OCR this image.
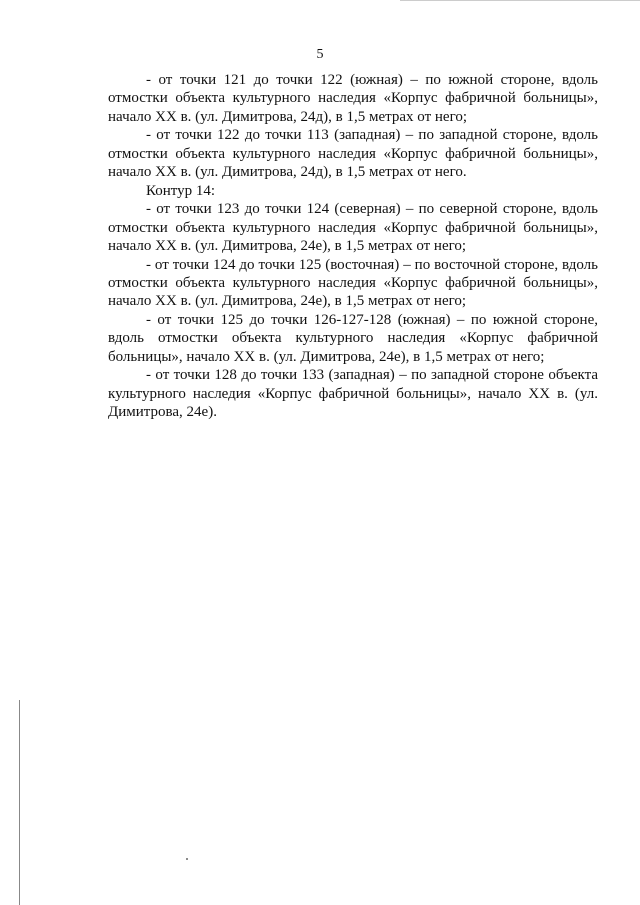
5

- от точки 121 до точки 122 (южная) – по южной стороне, вдоль отмостки объекта культурного наследия «Корпус фабричной больницы», начало XX в. (ул. Димитрова, 24д), в 1,5 метрах от него;

- от точки 122 до точки 113 (западная) – по западной стороне, вдоль отмостки объекта культурного наследия «Корпус фабричной больницы», начало XX в. (ул. Димитрова, 24д), в 1,5 метрах от него.

Контур 14:

- от точки 123 до точки 124 (северная) – по северной стороне, вдоль отмостки объекта культурного наследия «Корпус фабричной больницы», начало XX в. (ул. Димитрова, 24е), в 1,5 метрах от него;

- от точки 124 до точки 125 (восточная) – по восточной стороне, вдоль отмостки объекта культурного наследия «Корпус фабричной больницы», начало XX в. (ул. Димитрова, 24е), в 1,5 метрах от него;

- от точки 125 до точки 126-127-128 (южная) – по южной стороне, вдоль отмостки объекта культурного наследия «Корпус фабричной больницы», начало XX в. (ул. Димитрова, 24е), в 1,5 метрах от него;

- от точки 128 до точки 133 (западная) – по западной стороне объекта культурного наследия «Корпус фабричной больницы», начало XX в. (ул. Димитрова, 24е).
